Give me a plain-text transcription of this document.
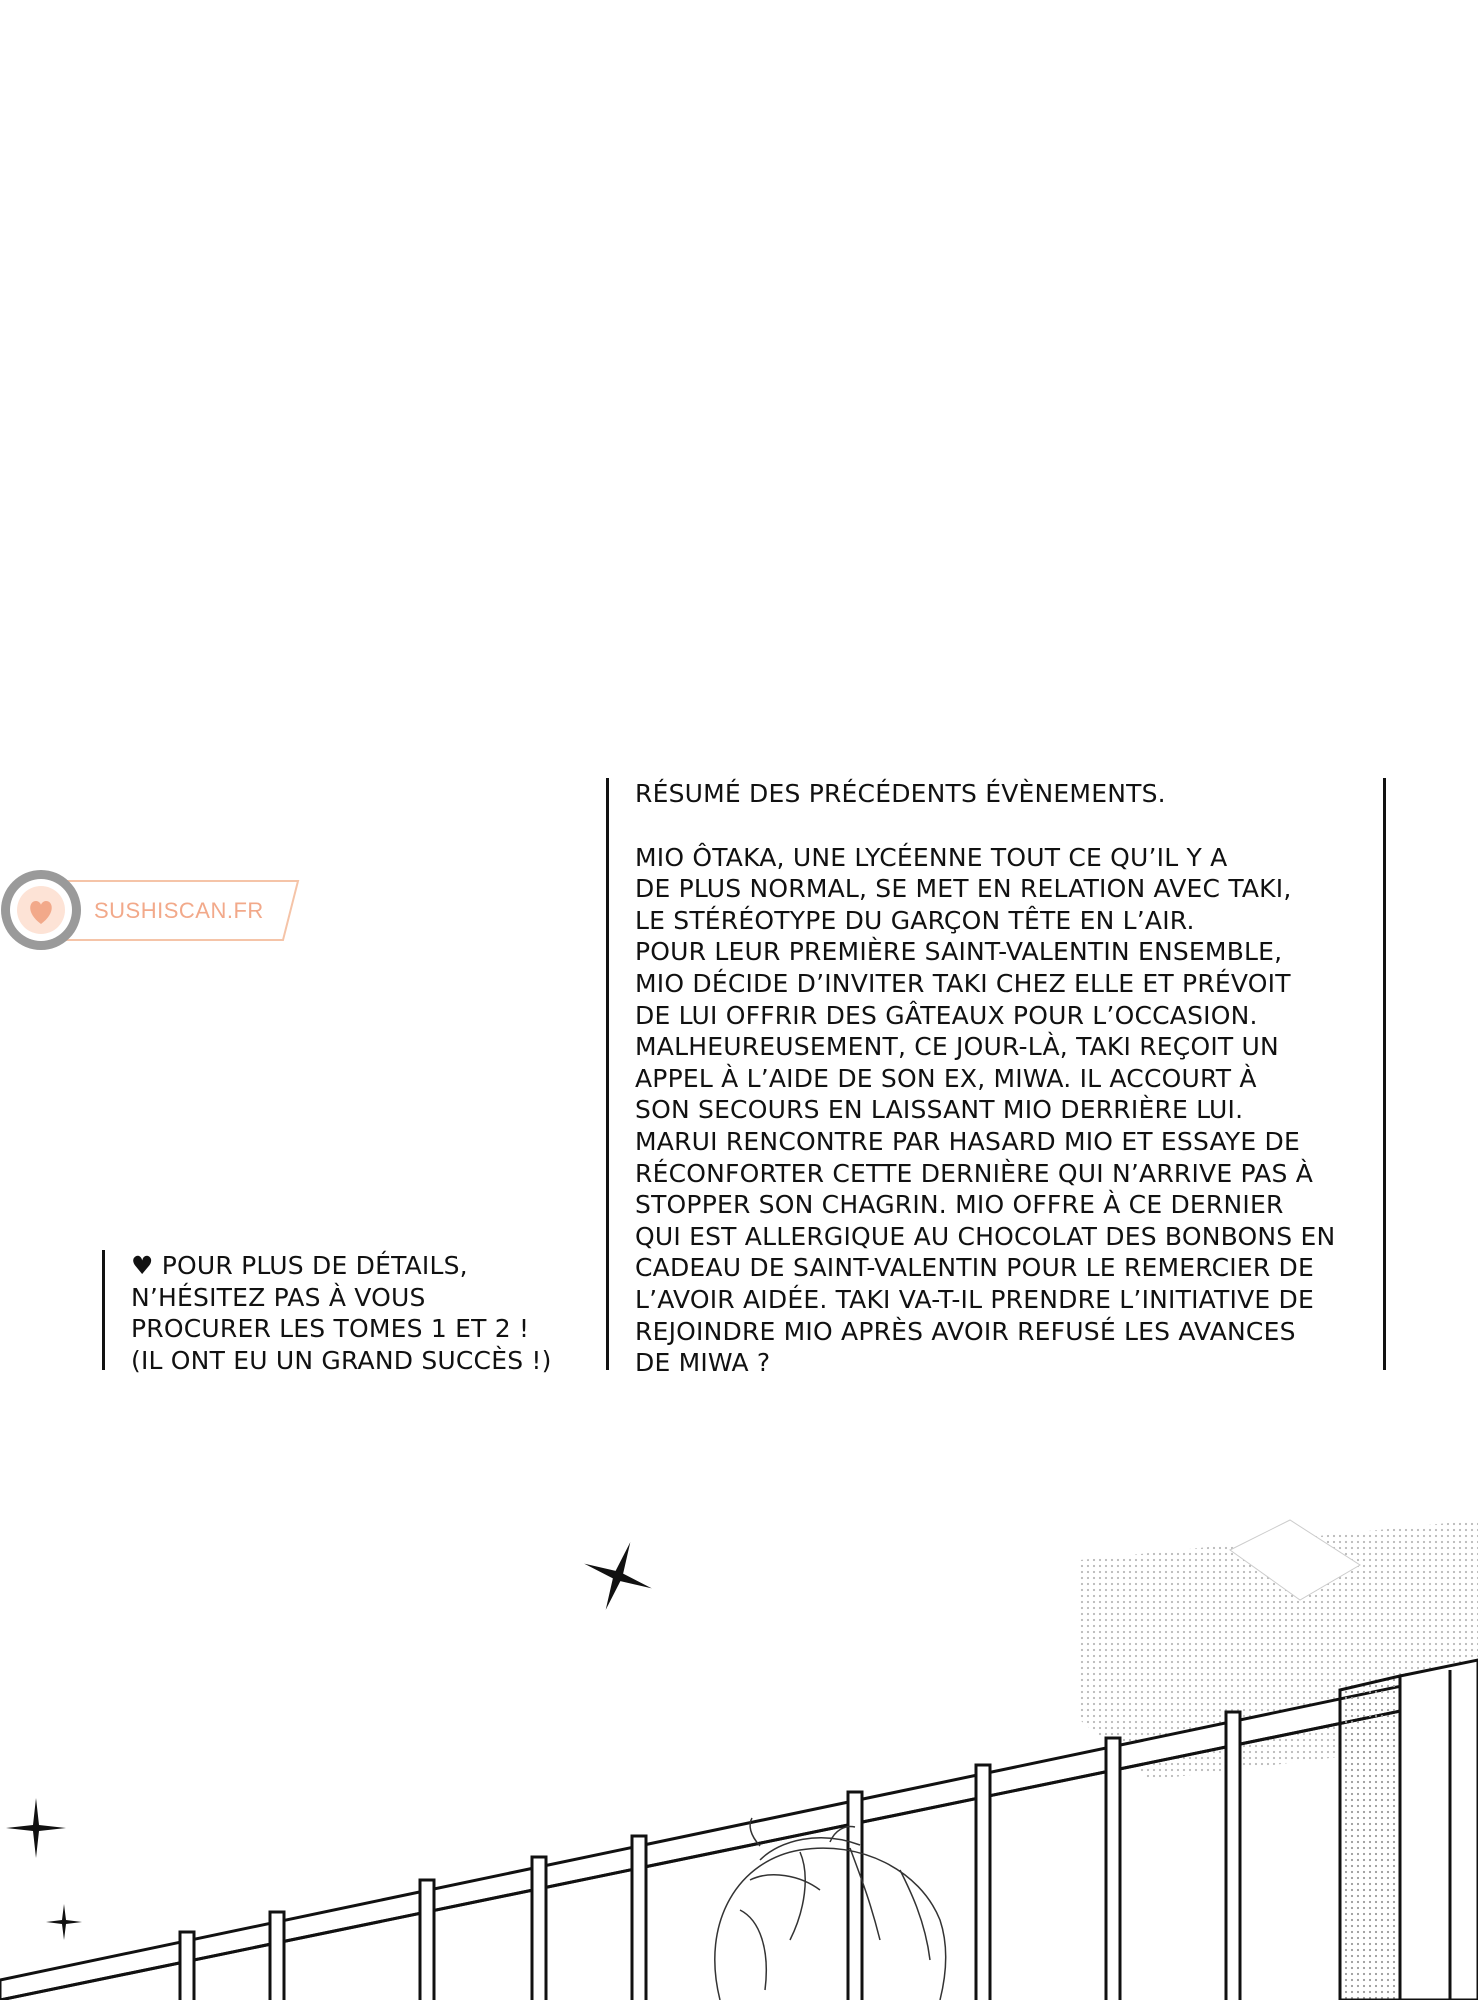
SUSHISCAN.FR
RÉSUMÉ DES PRÉCÉDENTS ÉVÈNEMENTS.
MIO ÔTAKA, UNE LYCÉENNE TOUT CE QU’IL Y A
DE PLUS NORMAL, SE MET EN RELATION AVEC TAKI,
LE STÉRÉOTYPE DU GARÇON TÊTE EN L’AIR.
POUR LEUR PREMIÈRE SAINT-VALENTIN ENSEMBLE,
MIO DÉCIDE D’INVITER TAKI CHEZ ELLE ET PRÉVOIT
DE LUI OFFRIR DES GÂTEAUX POUR L’OCCASION.
MALHEUREUSEMENT, CE JOUR-LÀ, TAKI REÇOIT UN
APPEL À L’AIDE DE SON EX, MIWA. IL ACCOURT À
SON SECOURS EN LAISSANT MIO DERRIÈRE LUI.
MARUI RENCONTRE PAR HASARD MIO ET ESSAYE DE
RÉCONFORTER CETTE DERNIÈRE QUI N’ARRIVE PAS À
STOPPER SON CHAGRIN. MIO OFFRE À CE DERNIER
QUI EST ALLERGIQUE AU CHOCOLAT DES BONBONS EN
CADEAU DE SAINT-VALENTIN POUR LE REMERCIER DE
L’AVOIR AIDÉE. TAKI VA-T-IL PRENDRE L’INITIATIVE DE
REJOINDRE MIO APRÈS AVOIR REFUSÉ LES AVANCES
DE MIWA ?
♥ POUR PLUS DE DÉTAILS,
N’HÉSITEZ PAS À VOUS
PROCURER LES TOMES 1 ET 2 !
(IL ONT EU UN GRAND SUCCÈS !)
